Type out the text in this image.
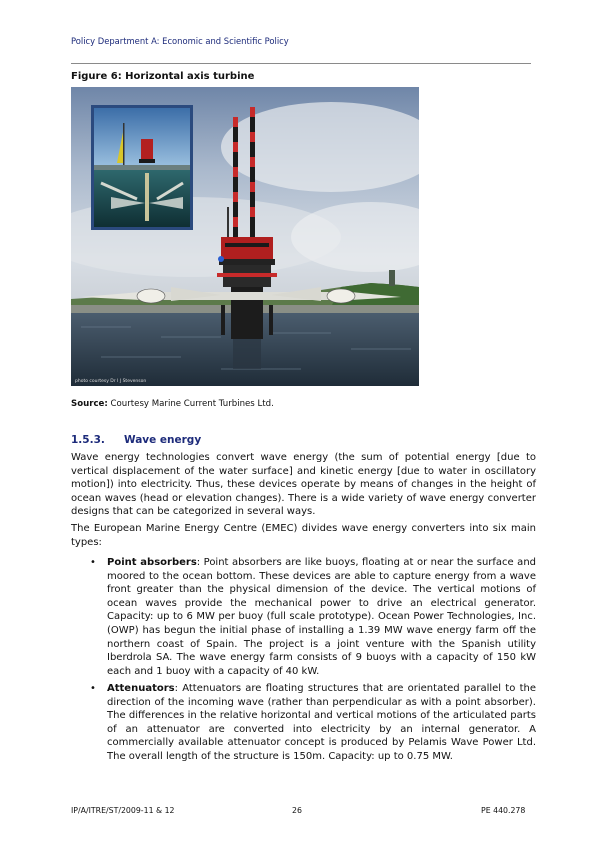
Policy Department A: Economic and Scientific Policy
Figure 6: Horizontal axis turbine
photo courtesy Dr I J Stevenson
Source: Courtesy Marine Current Turbines Ltd.
1.5.3. Wave energy
Wave energy technologies convert wave energy (the sum of potential energy [due to vertical displacement of the water surface] and kinetic energy [due to water in oscillatory motion]) into electricity. Thus, these devices operate by means of changes in the height of ocean waves (head or elevation changes). There is a wide variety of wave energy converter designs that can be categorized in several ways.
The European Marine Energy Centre (EMEC) divides wave energy converters into six main types:
• Point absorbers: Point absorbers are like buoys, floating at or near the surface and moored to the ocean bottom. These devices are able to capture energy from a wave front greater than the physical dimension of the device. The vertical motions of ocean waves provide the mechanical power to drive an electrical generator. Capacity: up to 6 MW per buoy (full scale prototype). Ocean Power Technologies, Inc. (OWP) has begun the initial phase of installing a 1.39 MW wave energy farm off the northern coast of Spain. The project is a joint venture with the Spanish utility Iberdrola SA. The wave energy farm consists of 9 buoys with a capacity of 150 kW each and 1 buoy with a capacity of 40 kW.
• Attenuators: Attenuators are floating structures that are orientated parallel to the direction of the incoming wave (rather than perpendicular as with a point absorber). The differences in the relative horizontal and vertical motions of the articulated parts of an attenuator are converted into electricity by an internal generator. A commercially available attenuator concept is produced by Pelamis Wave Power Ltd. The overall length of the structure is 150m. Capacity: up to 0.75 MW.
IP/A/ITRE/ST/2009-11 & 12	26	PE 440.278
